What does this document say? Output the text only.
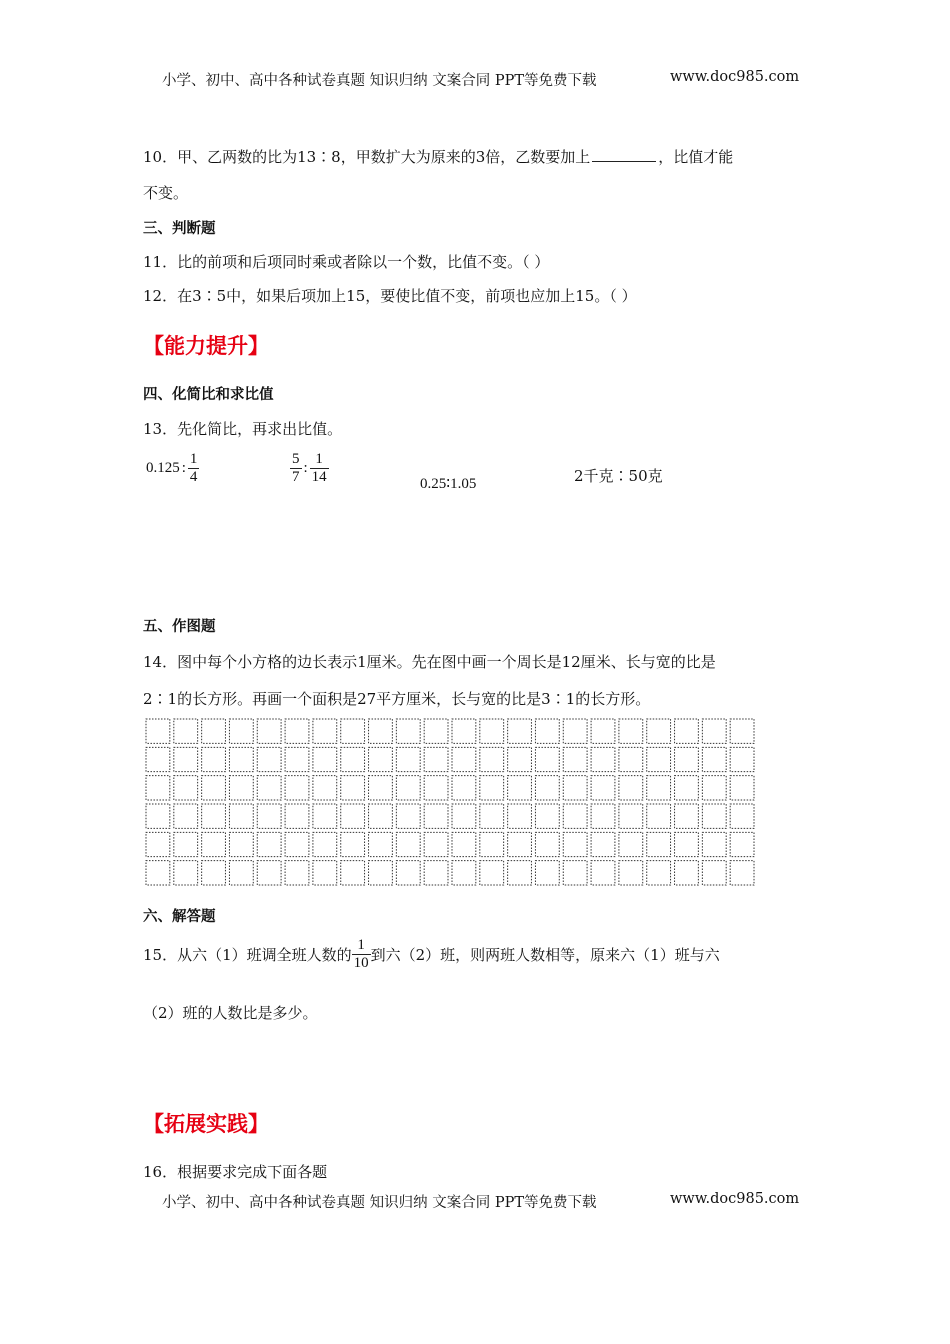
小学、初中、高中各种试卷真题 知识归纳 文案合同 PPT等免费下载	www.doc985.com
10．甲、乙两数的比为13∶8，甲数扩大为原来的3倍，乙数要加上	，比值才能
不变。
三、判断题
11．比的前项和后项同时乘或者除以一个数，比值不变。（ ）
12．在3∶5中，如果后项加上15，要使比值不变，前项也应加上15。（ ）
【能力提升】
四、化简比和求比值
13．先化简比，再求出比值。
0.125 : $\frac{1}{4}$	$\frac{5}{7}$ : $\frac{1}{14}$	0.25∶1.05	2千克∶50克
五、作图题
14．图中每个小方格的边长表示1厘米。先在图中画一个周长是12厘米、长与宽的比是
2∶1的长方形。再画一个面积是27平方厘米，长与宽的比是3∶1的长方形。
六、解答题
15．从六（1）班调全班人数的 $\frac{1}{10}$ 到六（2）班，则两班人数相等，原来六（1）班与六
（2）班的人数比是多少。
【拓展实践】
16．根据要求完成下面各题
小学、初中、高中各种试卷真题 知识归纳 文案合同 PPT等免费下载	www.doc985.com
